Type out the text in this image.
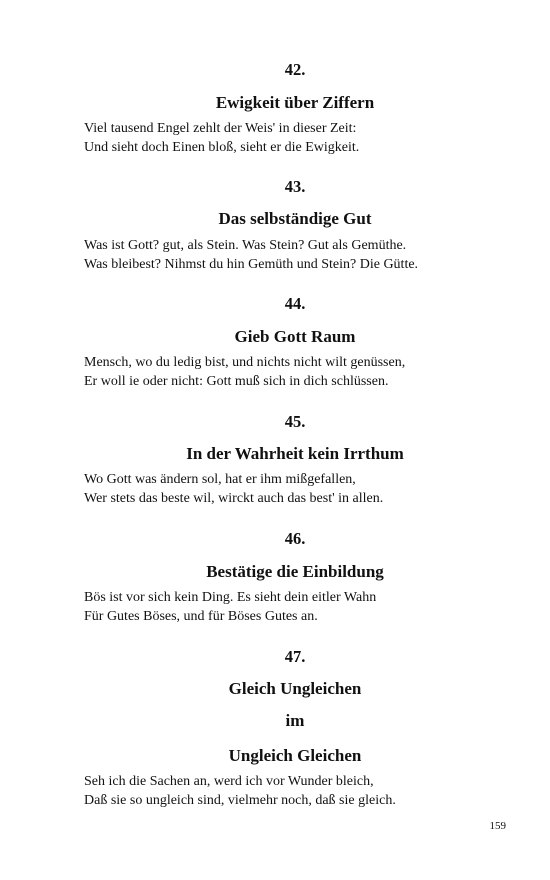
42.
Ewigkeit über Ziffern
Viel tausend Engel zehlt der Weis' in dieser Zeit:
Und sieht doch Einen bloß, sieht er die Ewigkeit.
43.
Das selbständige Gut
Was ist Gott? gut, als Stein. Was Stein? Gut als Gemüthe.
Was bleibest? Nihmst du hin Gemüth und Stein? Die Gütte.
44.
Gieb Gott Raum
Mensch, wo du ledig bist, und nichts nicht wilt genüssen,
Er woll ie oder nicht: Gott muß sich in dich schlüssen.
45.
In der Wahrheit kein Irrthum
Wo Gott was ändern sol, hat er ihm mißgefallen,
Wer stets das beste wil, wirckt auch das best' in allen.
46.
Bestätige die Einbildung
Bös ist vor sich kein Ding. Es sieht dein eitler Wahn
Für Gutes Böses, und für Böses Gutes an.
47.
Gleich Ungleichen
im
Ungleich Gleichen
Seh ich die Sachen an, werd ich vor Wunder bleich,
Daß sie so ungleich sind, vielmehr noch, daß sie gleich.
159
